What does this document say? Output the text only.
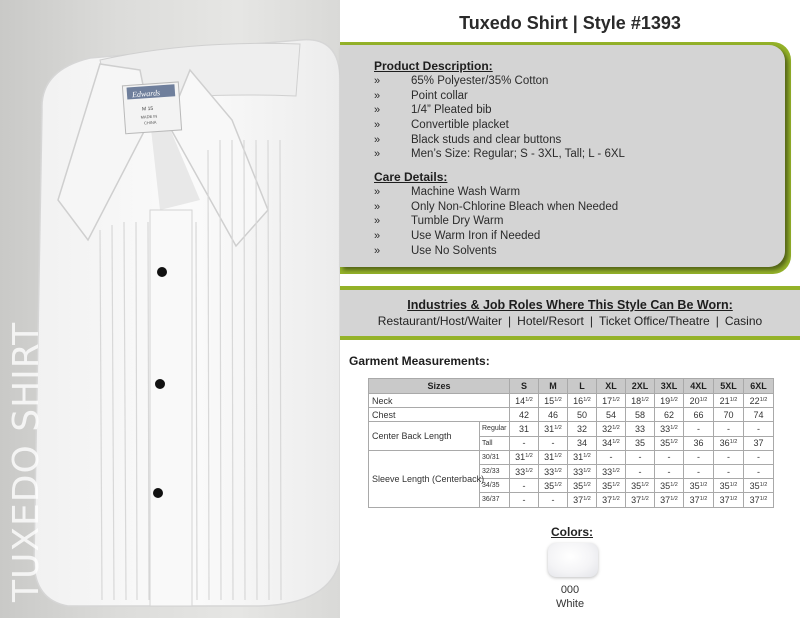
Edwards
M 15
MADE IN
CHINA
TUXEDO SHIRT
Tuxedo Shirt | Style #1393
Product Description:
»	65% Polyester/35% Cotton
»	Point collar
»	1/4” Pleated bib
»	Convertible placket
»	Black studs and clear buttons
»	Men’s Size: Regular; S - 3XL, Tall; L - 6XL
Care Details:
»	Machine Wash Warm
»	Only Non-Chlorine Bleach when Needed
»	Tumble Dry Warm
»	Use Warm Iron if Needed
»	Use No Solvents
Industries & Job Roles Where This Style Can Be Worn:
Restaurant/Host/Waiter | Hotel/Resort | Ticket Office/Theatre | Casino
Garment Measurements:
Sizes		S	M	L	XL	2XL	3XL	4XL	5XL	6XL
Neck		$14^{1/2}$	$15^{1/2}$	$16^{1/2}$	$17^{1/2}$	$18^{1/2}$	$19^{1/2}$	$20^{1/2}$	$21^{1/2}$	$22^{1/2}$
Chest		42	46	50	54	58	62	66	70	74
Center Back Length	Regular	31	$31^{1/2}$	32	$32^{1/2}$	33	$33^{1/2}$	-	-	-
	Tall	-	-	34	$34^{1/2}$	35	$35^{1/2}$	36	$36^{1/2}$	37
Sleeve Length (Centerback)	30/31	$31^{1/2}$	$31^{1/2}$	$31^{1/2}$	-	-	-	-	-	-
	32/33	$33^{1/2}$	$33^{1/2}$	$33^{1/2}$	$33^{1/2}$	-	-	-	-	-
	34/35	-	$35^{1/2}$	$35^{1/2}$	$35^{1/2}$	$35^{1/2}$	$35^{1/2}$	$35^{1/2}$	$35^{1/2}$	$35^{1/2}$
	36/37	-	-	$37^{1/2}$	$37^{1/2}$	$37^{1/2}$	$37^{1/2}$	$37^{1/2}$	$37^{1/2}$	$37^{1/2}$
Colors:
000
White
